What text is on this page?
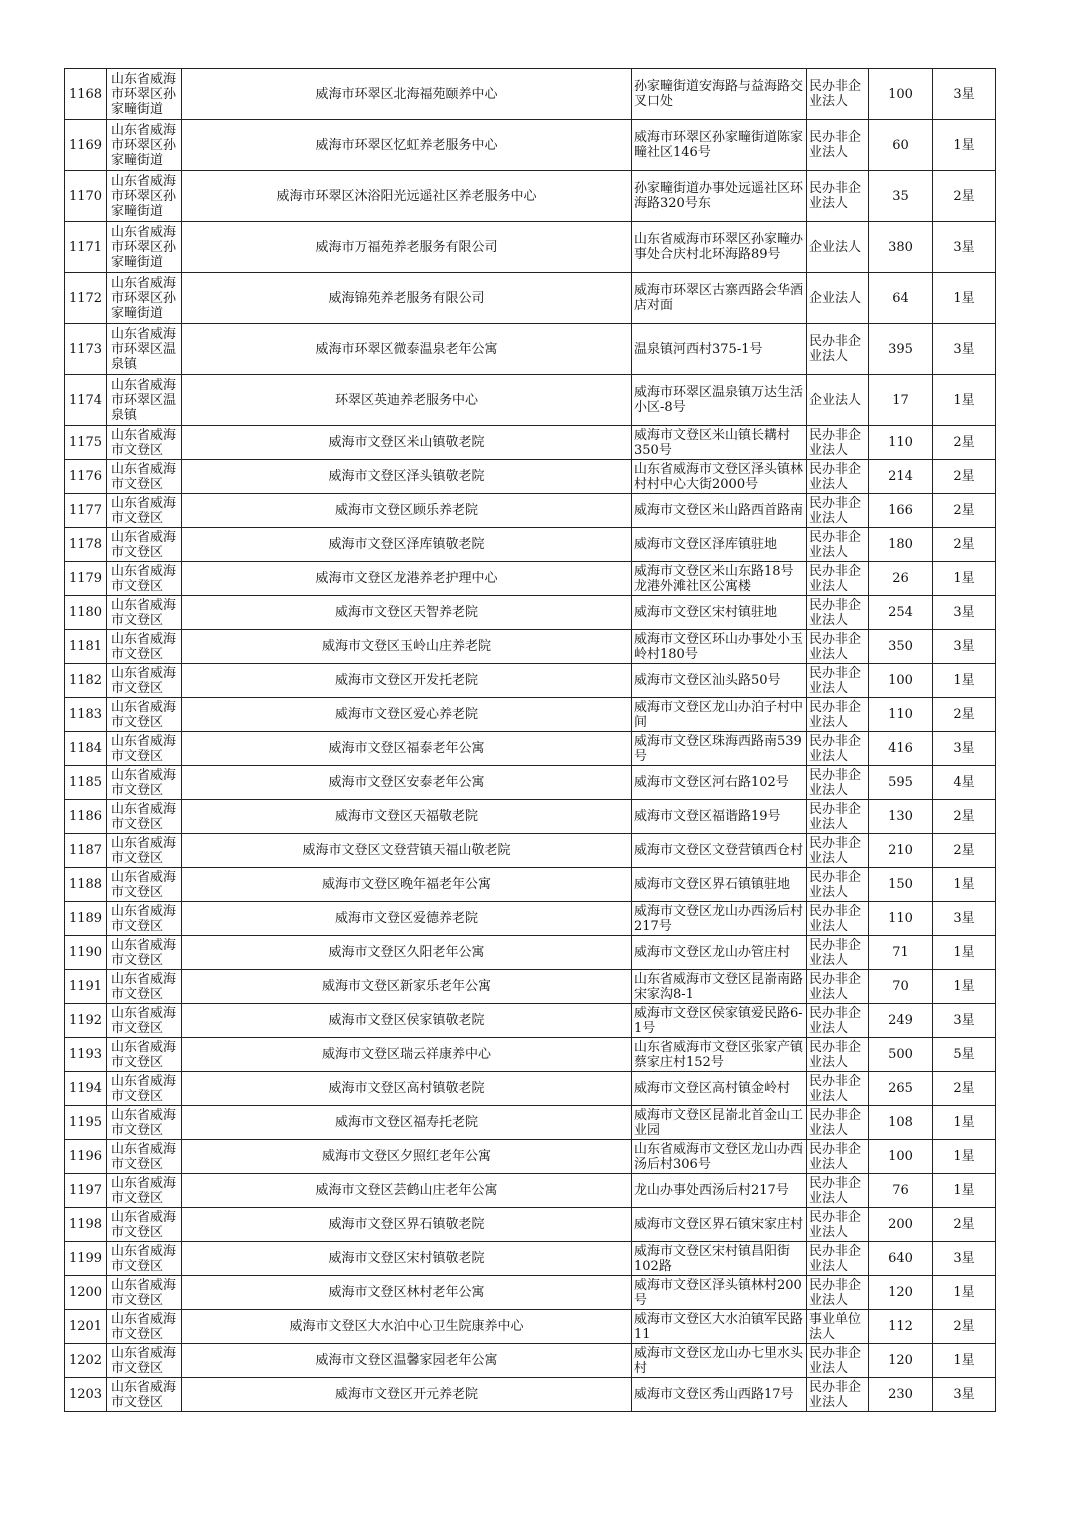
1168	山东省威海市环翠区孙家疃街道	威海市环翠区北海福苑颐养中心	孙家疃街道安海路与益海路交叉口处	民办非企业法人	100	3星
1169	山东省威海市环翠区孙家疃街道	威海市环翠区忆虹养老服务中心	威海市环翠区孙家疃街道陈家疃社区146号	民办非企业法人	60	1星
1170	山东省威海市环翠区孙家疃街道	威海市环翠区沐浴阳光远遥社区养老服务中心	孙家疃街道办事处远遥社区环海路320号东	民办非企业法人	35	2星
1171	山东省威海市环翠区孙家疃街道	威海市万福苑养老服务有限公司	山东省威海市环翠区孙家疃办事处合庆村北环海路89号	企业法人	380	3星
1172	山东省威海市环翠区孙家疃街道	威海锦苑养老服务有限公司	威海市环翠区古寨西路会华酒店对面	企业法人	64	1星
1173	山东省威海市环翠区温泉镇	威海市环翠区微泰温泉老年公寓	温泉镇河西村375-1号	民办非企业法人	395	3星
1174	山东省威海市环翠区温泉镇	环翠区英迪养老服务中心	威海市环翠区温泉镇万达生活小区-8号	企业法人	17	1星
1175	山东省威海市文登区	威海市文登区米山镇敬老院	威海市文登区米山镇长耩村350号	民办非企业法人	110	2星
1176	山东省威海市文登区	威海市文登区泽头镇敬老院	山东省威海市文登区泽头镇林村村中心大街2000号	民办非企业法人	214	2星
1177	山东省威海市文登区	威海市文登区顾乐养老院	威海市文登区米山路西首路南	民办非企业法人	166	2星
1178	山东省威海市文登区	威海市文登区泽库镇敬老院	威海市文登区泽库镇驻地	民办非企业法人	180	2星
1179	山东省威海市文登区	威海市文登区龙港养老护理中心	威海市文登区米山东路18号龙港外滩社区公寓楼	民办非企业法人	26	1星
1180	山东省威海市文登区	威海市文登区天智养老院	威海市文登区宋村镇驻地	民办非企业法人	254	3星
1181	山东省威海市文登区	威海市文登区玉岭山庄养老院	威海市文登区环山办事处小玉岭村180号	民办非企业法人	350	3星
1182	山东省威海市文登区	威海市文登区开发托老院	威海市文登区汕头路50号	民办非企业法人	100	1星
1183	山东省威海市文登区	威海市文登区爱心养老院	威海市文登区龙山办泊子村中间	民办非企业法人	110	2星
1184	山东省威海市文登区	威海市文登区福泰老年公寓	威海市文登区珠海西路南539号	民办非企业法人	416	3星
1185	山东省威海市文登区	威海市文登区安泰老年公寓	威海市文登区河右路102号	民办非企业法人	595	4星
1186	山东省威海市文登区	威海市文登区天福敬老院	威海市文登区福谐路19号	民办非企业法人	130	2星
1187	山东省威海市文登区	威海市文登区文登营镇天福山敬老院	威海市文登区文登营镇西仓村	民办非企业法人	210	2星
1188	山东省威海市文登区	威海市文登区晚年福老年公寓	威海市文登区界石镇镇驻地	民办非企业法人	150	1星
1189	山东省威海市文登区	威海市文登区爱德养老院	威海市文登区龙山办西汤后村217号	民办非企业法人	110	3星
1190	山东省威海市文登区	威海市文登区久阳老年公寓	威海市文登区龙山办管庄村	民办非企业法人	71	1星
1191	山东省威海市文登区	威海市文登区新家乐老年公寓	山东省威海市文登区昆嵛南路宋家沟8-1	民办非企业法人	70	1星
1192	山东省威海市文登区	威海市文登区侯家镇敬老院	威海市文登区侯家镇爱民路6-1号	民办非企业法人	249	3星
1193	山东省威海市文登区	威海市文登区瑞云祥康养中心	山东省威海市文登区张家产镇蔡家庄村152号	民办非企业法人	500	5星
1194	山东省威海市文登区	威海市文登区高村镇敬老院	威海市文登区高村镇金岭村	民办非企业法人	265	2星
1195	山东省威海市文登区	威海市文登区福寿托老院	威海市文登区昆嵛北首金山工业园	民办非企业法人	108	1星
1196	山东省威海市文登区	威海市文登区夕照红老年公寓	山东省威海市文登区龙山办西汤后村306号	民办非企业法人	100	1星
1197	山东省威海市文登区	威海市文登区芸鹤山庄老年公寓	龙山办事处西汤后村217号	民办非企业法人	76	1星
1198	山东省威海市文登区	威海市文登区界石镇敬老院	威海市文登区界石镇宋家庄村	民办非企业法人	200	2星
1199	山东省威海市文登区	威海市文登区宋村镇敬老院	威海市文登区宋村镇昌阳街102路	民办非企业法人	640	3星
1200	山东省威海市文登区	威海市文登区林村老年公寓	威海市文登区泽头镇林村200号	民办非企业法人	120	1星
1201	山东省威海市文登区	威海市文登区大水泊中心卫生院康养中心	威海市文登区大水泊镇军民路11	事业单位法人	112	2星
1202	山东省威海市文登区	威海市文登区温馨家园老年公寓	威海市文登区龙山办七里水头村	民办非企业法人	120	1星
1203	山东省威海市文登区	威海市文登区开元养老院	威海市文登区秀山西路17号	民办非企业法人	230	3星
